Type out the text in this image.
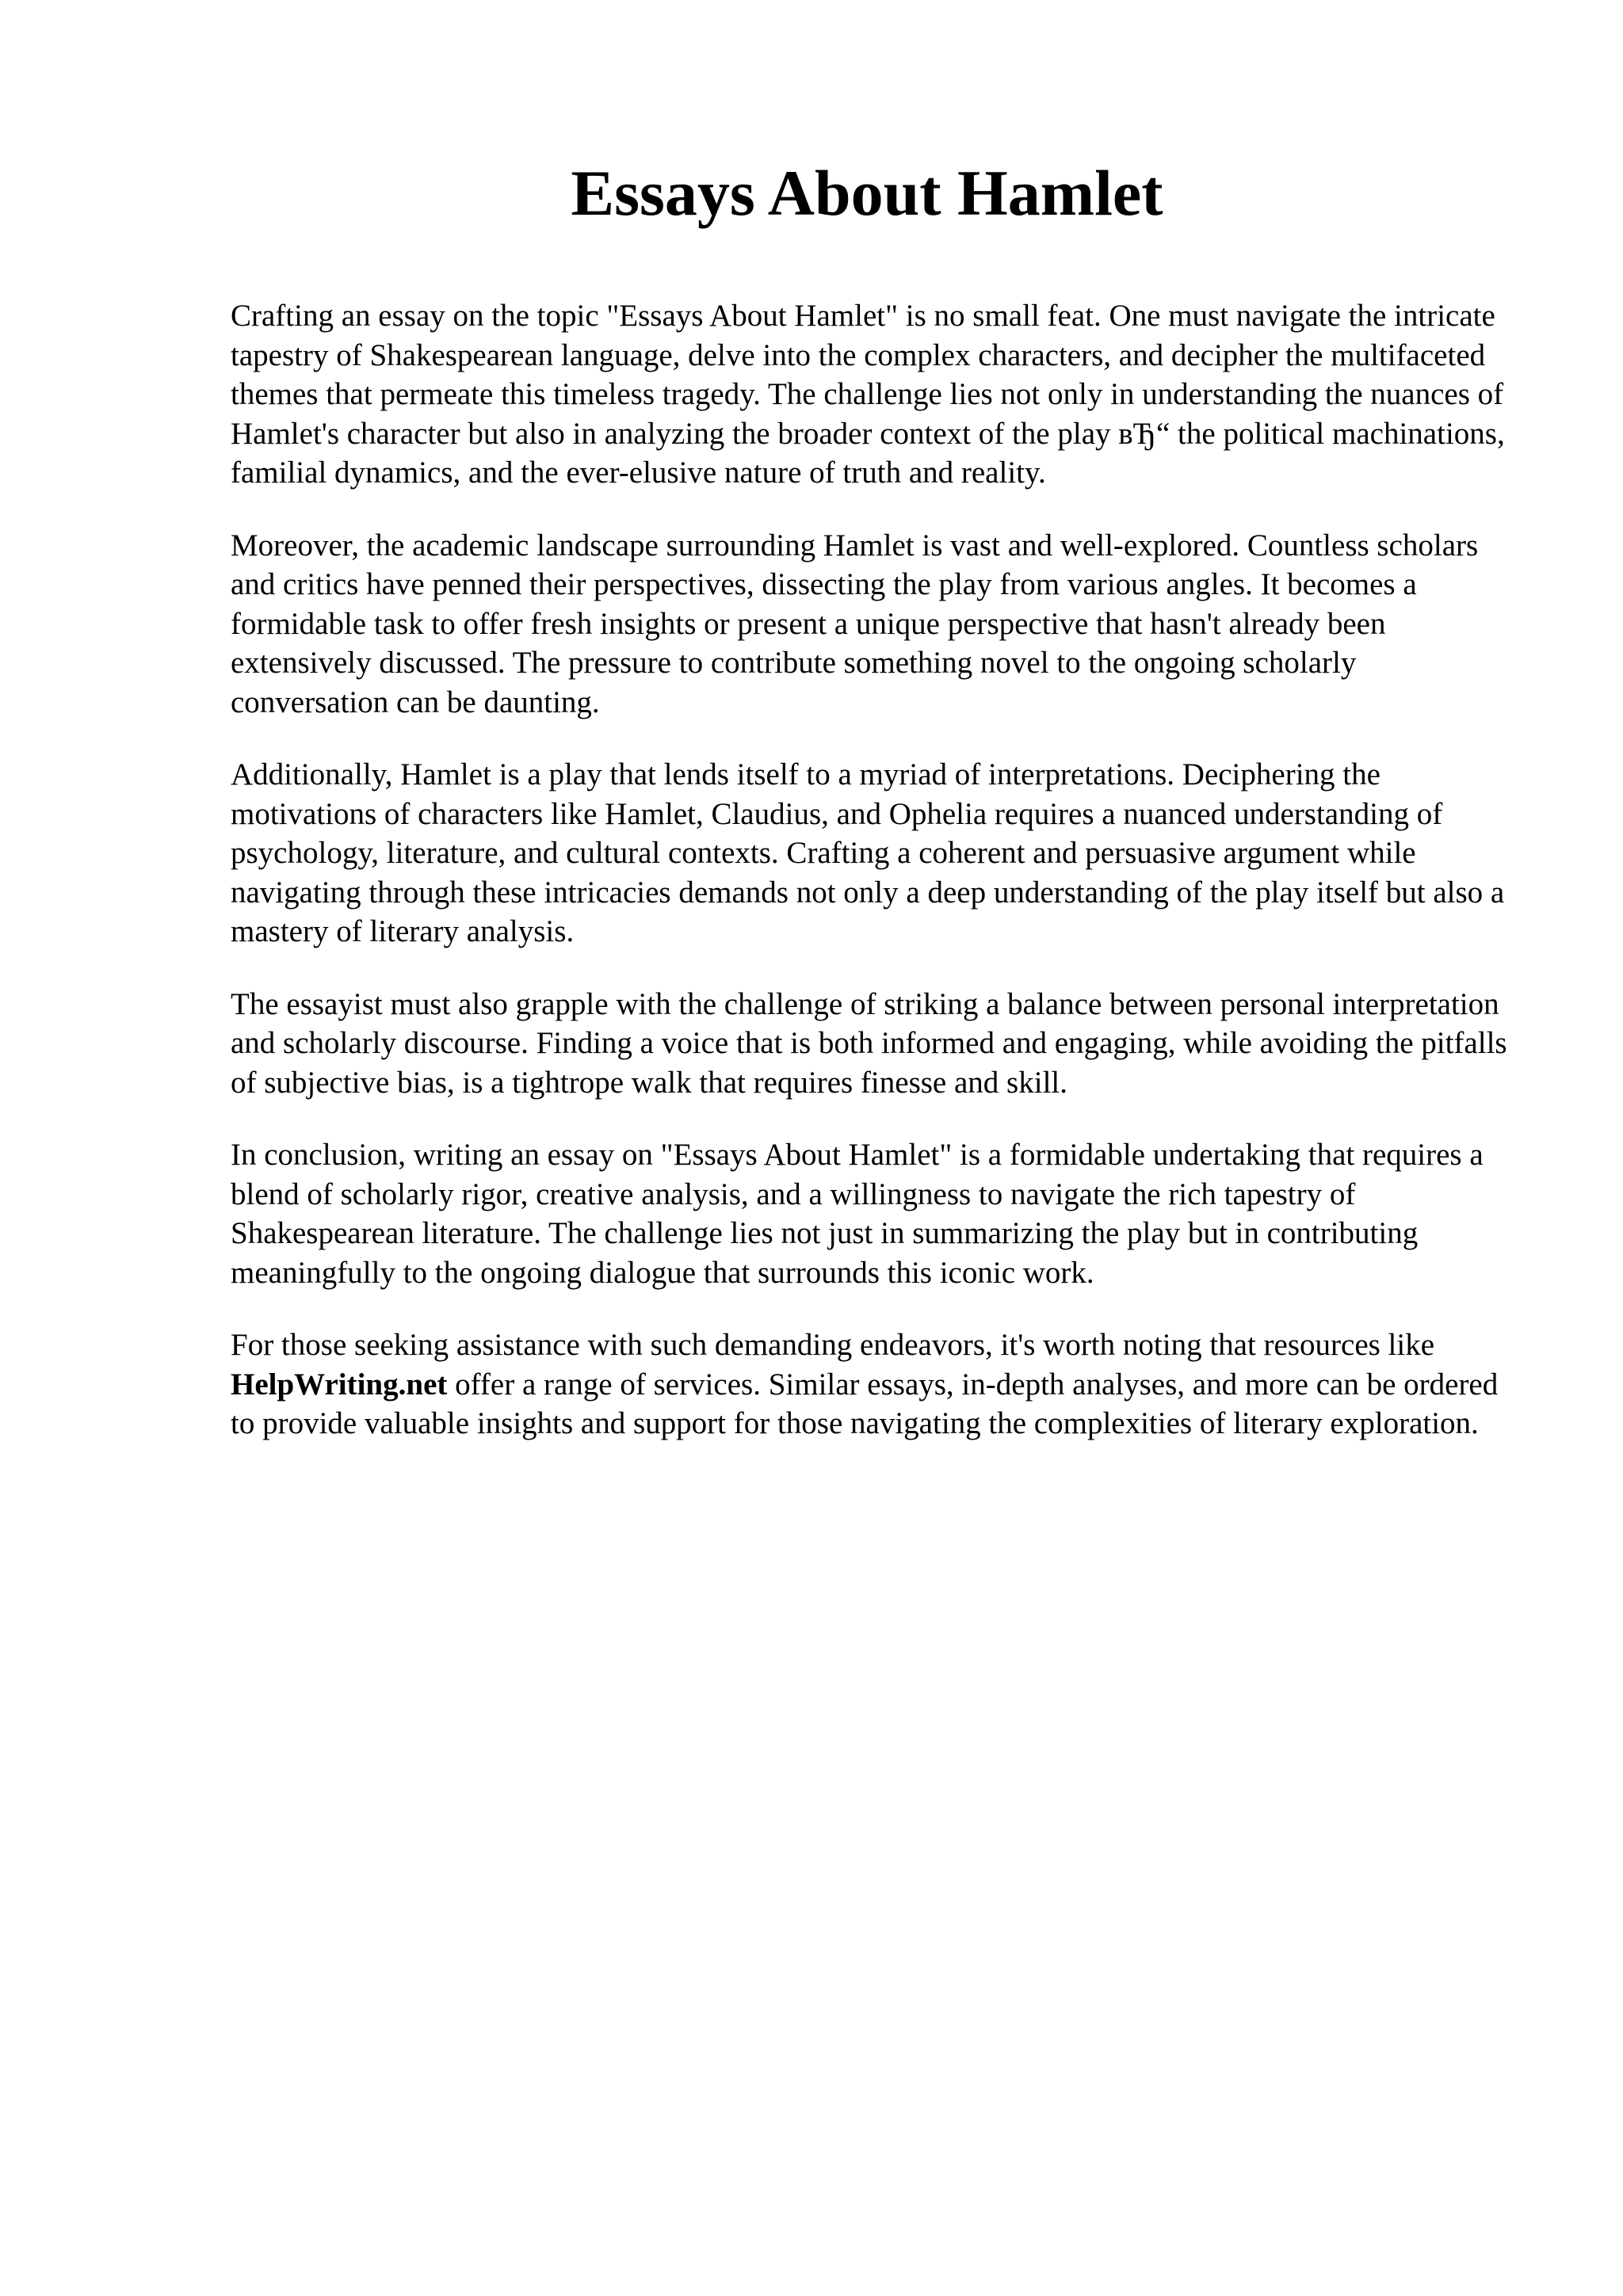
Essays About Hamlet

Crafting an essay on the topic "Essays About Hamlet" is no small feat. One must navigate the intricate tapestry of Shakespearean language, delve into the complex characters, and decipher the multifaceted themes that permeate this timeless tragedy. The challenge lies not only in understanding the nuances of Hamlet's character but also in analyzing the broader context of the play вЂ“ the political machinations, familial dynamics, and the ever-elusive nature of truth and reality.

Moreover, the academic landscape surrounding Hamlet is vast and well-explored. Countless scholars and critics have penned their perspectives, dissecting the play from various angles. It becomes a formidable task to offer fresh insights or present a unique perspective that hasn't already been extensively discussed. The pressure to contribute something novel to the ongoing scholarly conversation can be daunting.

Additionally, Hamlet is a play that lends itself to a myriad of interpretations. Deciphering the motivations of characters like Hamlet, Claudius, and Ophelia requires a nuanced understanding of psychology, literature, and cultural contexts. Crafting a coherent and persuasive argument while navigating through these intricacies demands not only a deep understanding of the play itself but also a mastery of literary analysis.

The essayist must also grapple with the challenge of striking a balance between personal interpretation and scholarly discourse. Finding a voice that is both informed and engaging, while avoiding the pitfalls of subjective bias, is a tightrope walk that requires finesse and skill.

In conclusion, writing an essay on "Essays About Hamlet" is a formidable undertaking that requires a blend of scholarly rigor, creative analysis, and a willingness to navigate the rich tapestry of Shakespearean literature. The challenge lies not just in summarizing the play but in contributing meaningfully to the ongoing dialogue that surrounds this iconic work.

For those seeking assistance with such demanding endeavors, it's worth noting that resources like HelpWriting.net offer a range of services. Similar essays, in-depth analyses, and more can be ordered to provide valuable insights and support for those navigating the complexities of literary exploration.
